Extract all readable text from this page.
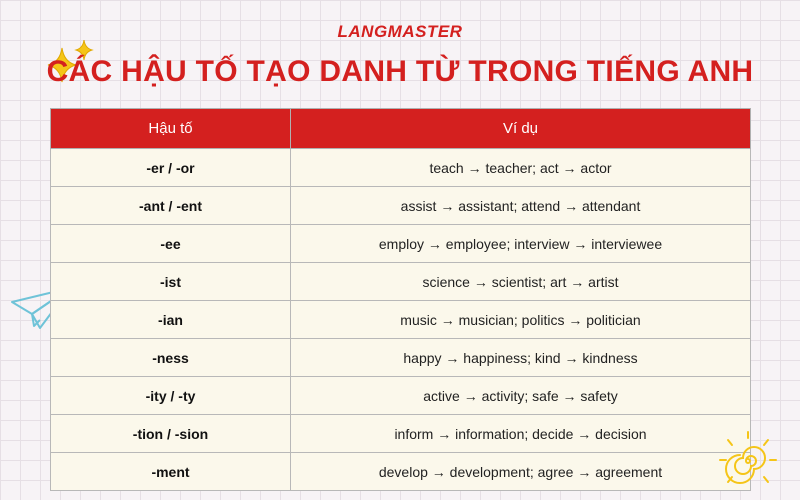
LANGMASTER
CÁC HẬU TỐ TẠO DANH TỪ TRONG TIẾNG ANH
Hậu tố	Ví dụ
-er / -or	teach → teacher; act → actor
-ant / -ent	assist → assistant; attend → attendant
-ee	employ → employee; interview → interviewee
-ist	science → scientist; art → artist
-ian	music → musician; politics → politician
-ness	happy → happiness; kind → kindness
-ity / -ty	active → activity; safe → safety
-tion / -sion	inform → information; decide → decision
-ment	develop → development; agree → agreement
